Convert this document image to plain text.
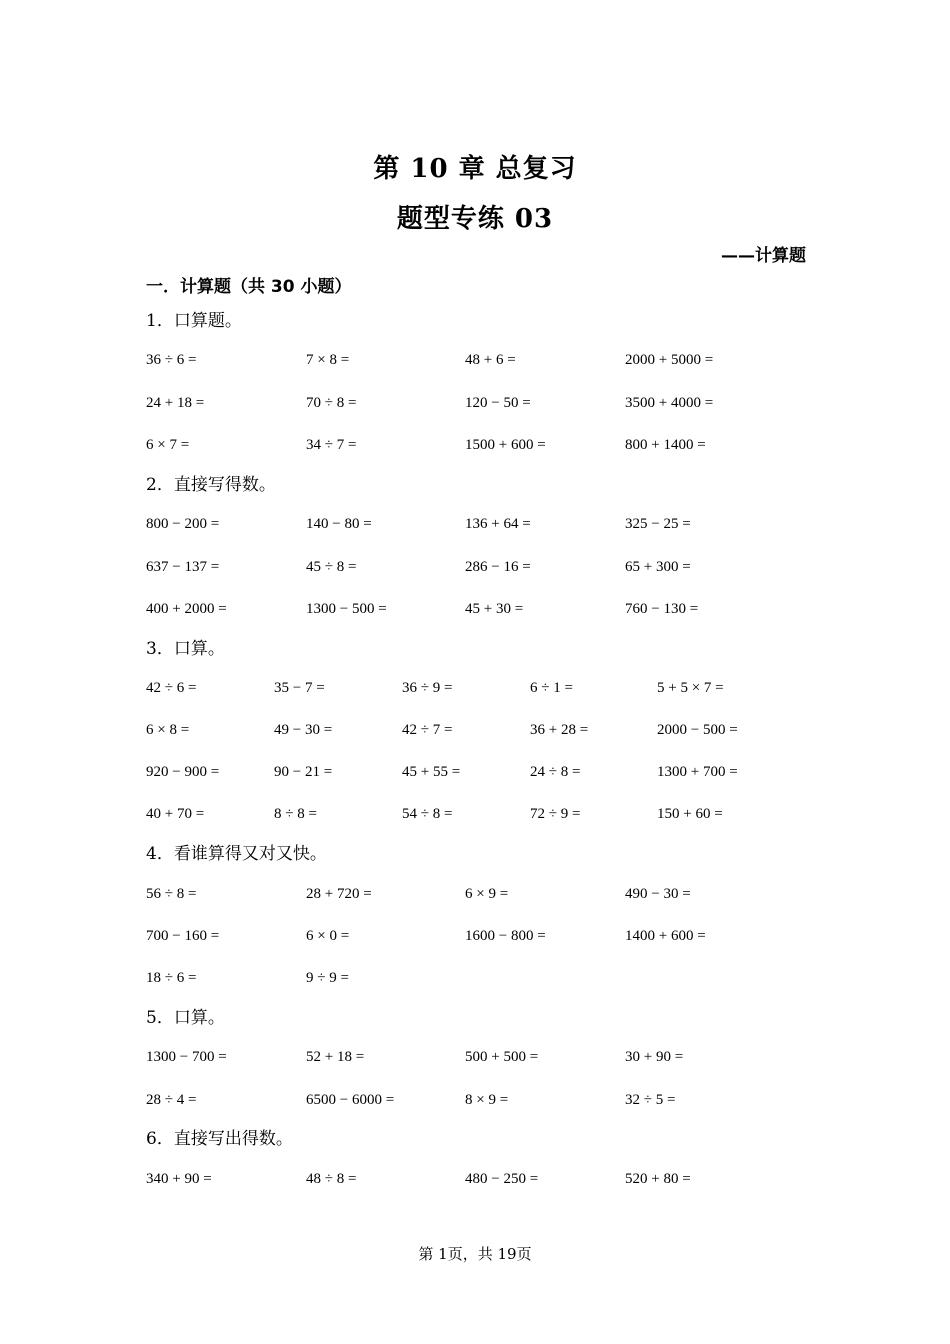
第 10 章 总复习
题型专练 03
——计算题
一．计算题（共 30 小题）
1．口算题。
36 ÷ 6 =	7 × 8 =	48 + 6 =	2000 + 5000 =
24 + 18 =	70 ÷ 8 =	120 − 50 =	3500 + 4000 =
6 × 7 =	34 ÷ 7 =	1500 + 600 =	800 + 1400 =
2．直接写得数。
800 − 200 =	140 − 80 =	136 + 64 =	325 − 25 =
637 − 137 =	45 ÷ 8 =	286 − 16 =	65 + 300 =
400 + 2000 =	1300 − 500 =	45 + 30 =	760 − 130 =
3．口算。
42 ÷ 6 =	35 − 7 =	36 ÷ 9 =	6 ÷ 1 =	5 + 5 × 7 =
6 × 8 =	49 − 30 =	42 ÷ 7 =	36 + 28 =	2000 − 500 =
920 − 900 =	90 − 21 =	45 + 55 =	24 ÷ 8 =	1300 + 700 =
40 + 70 =	8 ÷ 8 =	54 ÷ 8 =	72 ÷ 9 =	150 + 60 =
4．看谁算得又对又快。
56 ÷ 8 =	28 + 720 =	6 × 9 =	490 − 30 =
700 − 160 =	6 × 0 =	1600 − 800 =	1400 + 600 =
18 ÷ 6 =	9 ÷ 9 =
5．口算。
1300 − 700 =	52 + 18 =	500 + 500 =	30 + 90 =
28 ÷ 4 =	6500 − 6000 =	8 × 9 =	32 ÷ 5 =
6．直接写出得数。
340 + 90 =	48 ÷ 8 =	480 − 250 =	520 + 80 =
第 1页，共 19页
